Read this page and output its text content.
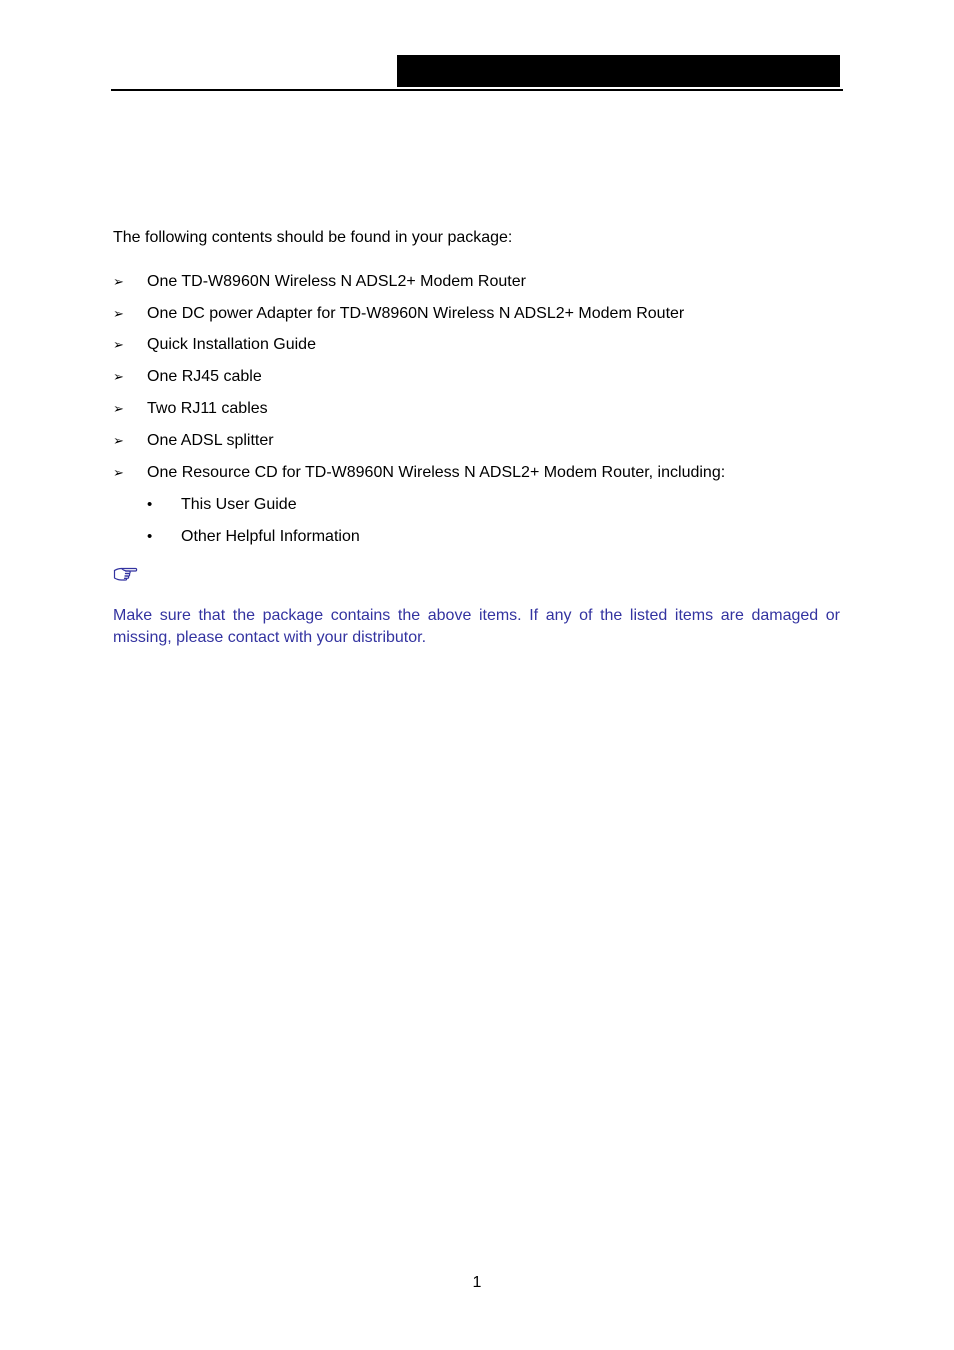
The following contents should be found in your package:
➢ One TD-W8960N Wireless N ADSL2+ Modem Router
➢ One DC power Adapter for TD-W8960N Wireless N ADSL2+ Modem Router
➢ Quick Installation Guide
➢ One RJ45 cable
➢ Two RJ11 cables
➢ One ADSL splitter
➢ One Resource CD for TD-W8960N Wireless N ADSL2+ Modem Router, including:
• This User Guide
• Other Helpful Information
Make sure that the package contains the above items. If any of the listed items are damaged or missing, please contact with your distributor.
1
